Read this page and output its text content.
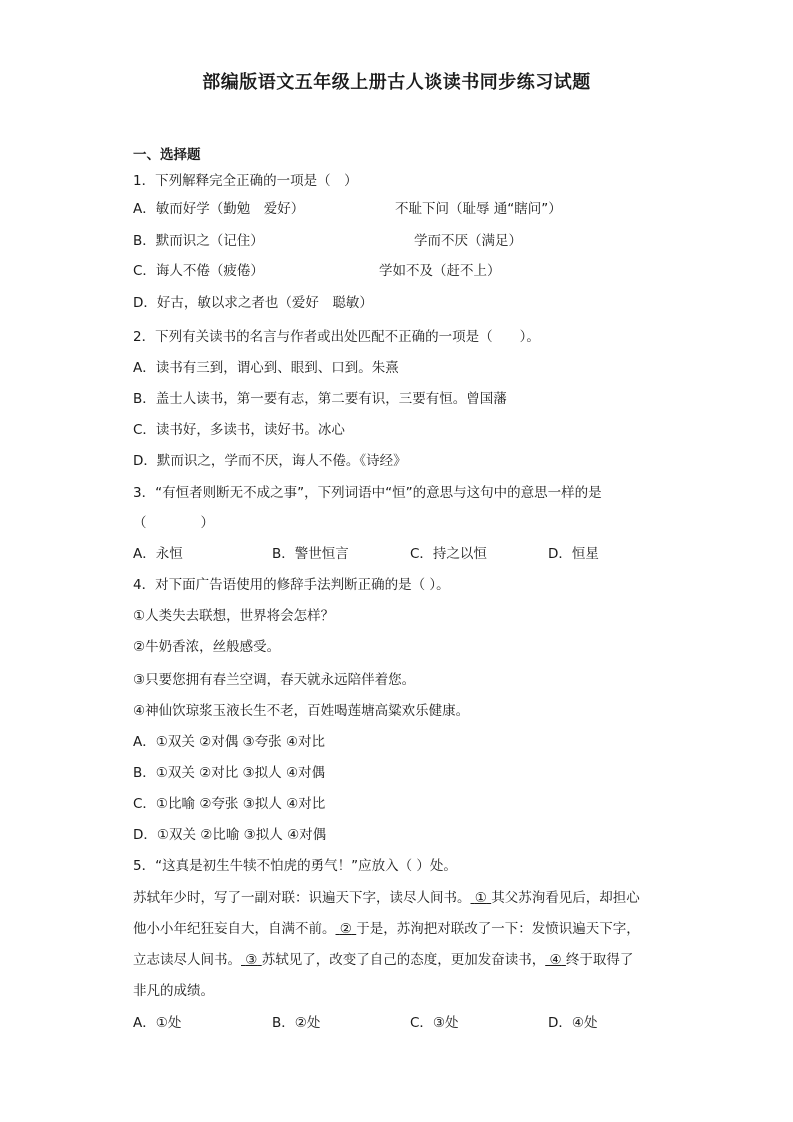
部编版语文五年级上册古人谈读书同步练习试题
一、选择题
1．下列解释完全正确的一项是（　）
A．敏而好学（勤勉　爱好）	不耻下问（耻辱 通“瞎问”）
B．默而识之（记住）	学而不厌（满足）
C．诲人不倦（疲倦）	学如不及（赶不上）
D．好古，敏以求之者也（爱好　聪敏）
2．下列有关读书的名言与作者或出处匹配不正确的一项是（　　）。
A．读书有三到，谓心到、眼到、口到。朱熹
B．盖士人读书，第一要有志，第二要有识，三要有恒。曾国藩
C．读书好，多读书，读好书。冰心
D．默而识之，学而不厌，诲人不倦。《诗经》
3．“有恒者则断无不成之事”，下列词语中“恒”的意思与这句中的意思一样的是
（　　　　）
A．永恒	B．警世恒言	C．持之以恒	D．恒星
4．对下面广告语使用的修辞手法判断正确的是（ ）。
①人类失去联想，世界将会怎样？
②牛奶香浓，丝般感受。
③只要您拥有春兰空调，春天就永远陪伴着您。
④神仙饮琼浆玉液长生不老，百姓喝莲塘高粱欢乐健康。
A．①双关 ②对偶 ③夸张 ④对比
B．①双关 ②对比 ③拟人 ④对偶
C．①比喻 ②夸张 ③拟人 ④对比
D．①双关 ②比喻 ③拟人 ④对偶
5．“这真是初生牛犊不怕虎的勇气！”应放入（ ）处。
苏轼年少时，写了一副对联：识遍天下字，读尽人间书。 ① 其父苏洵看见后，却担心
他小小年纪狂妄自大，自满不前。 ② 于是，苏洵把对联改了一下：发愤识遍天下字，
立志读尽人间书。 ③ 苏轼见了，改变了自己的态度，更加发奋读书， ④ 终于取得了
非凡的成绩。
A．①处	B．②处	C．③处	D．④处
